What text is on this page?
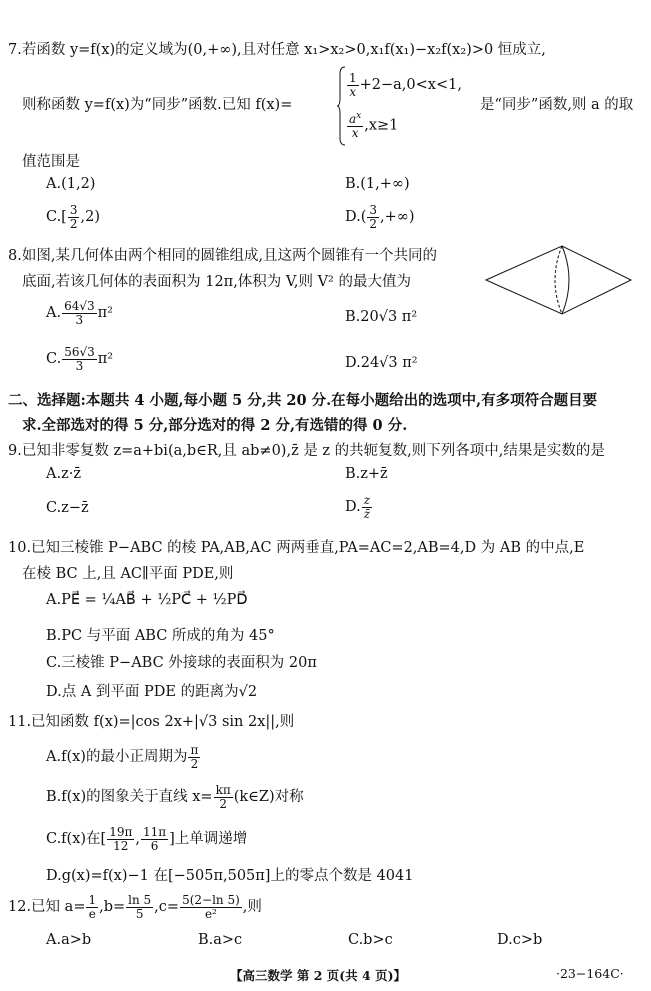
7.若函数 y=f(x)的定义域为(0,+∞),且对任意 x₁>x₂>0,x₁f(x₁)−x₂f(x₂)>0 恒成立,
则称函数 y=f(x)为“同步”函数.已知 f(x)=	是“同步”函数,则 a 的取
$\frac{1}{x} +2-a,0<x<1$,
$\frac{a^x}{x} ,x\ge 1$
值范围是
A.(1,2)	B.(1,+∞)
$C.[ \frac{3}{2} ,2)$	$D.( \frac{3}{2}$ ,+∞)
8.如图,某几何体由两个相同的圆锥组成,且这两个圆锥有一个共同的
底面,若该几何体的表面积为 12π,体积为 V,则 V² 的最大值为
A. $\frac{64√3}{3} \pi^2$	B.20√3 π²
C. $\frac{56√3}{3} \pi^2$	D.24√3 π²
二、选择题:本题共 4 小题,每小题 5 分,共 20 分.在每小题给出的选项中,有多项符合题目要
求.全部选对的得 5 分,部分选对的得 2 分,有选错的得 0 分.
9.已知非零复数 z=a+bi(a,b∈R,且 ab≠0),z̄ 是 z 的共轭复数,则下列各项中,结果是实数的是
A.z·z̄	B.z+z̄
C.z−z̄	D. $\frac{z}{z̄}$
10.已知三棱锥 P−ABC 的棱 PA,AB,AC 两两垂直,PA=AC=2,AB=4,D 为 AB 的中点,E
在棱 BC 上,且 AC∥平面 PDE,则
A.PE⃗ = ¼AB⃗ + ½PC⃗ + ½PD⃗
B.PC 与平面 ABC 所成的角为 45°
C.三棱锥 P−ABC 外接球的表面积为 20π
D.点 A 到平面 PDE 的距离为√2
11.已知函数 f(x)=|cos 2x+|√3 sin 2x||,则
A.f(x)的最小正周期为 $\frac{\pi}{2}$
B.f(x)的图象关于直线 $x= \frac{k\pi}{2}$ (k∈Z)对称
C.f(x)在[ $\frac{19\pi}{12}$ , $\frac{11\pi}{6}$ ]上单调递增
D.g(x)=f(x)−1 在[−505π,505π]上的零点个数是 4041
12.已知 $a= \frac{1}{e} ,b= \frac{\ln 5}{5} ,c= \frac{5(2-\ln 5)}{\text{e²}}$ ,则
A.a>b	B.a>c	C.b>c	D.c>b
【高三数学 第 2 页(共 4 页)】	·23−164C·
